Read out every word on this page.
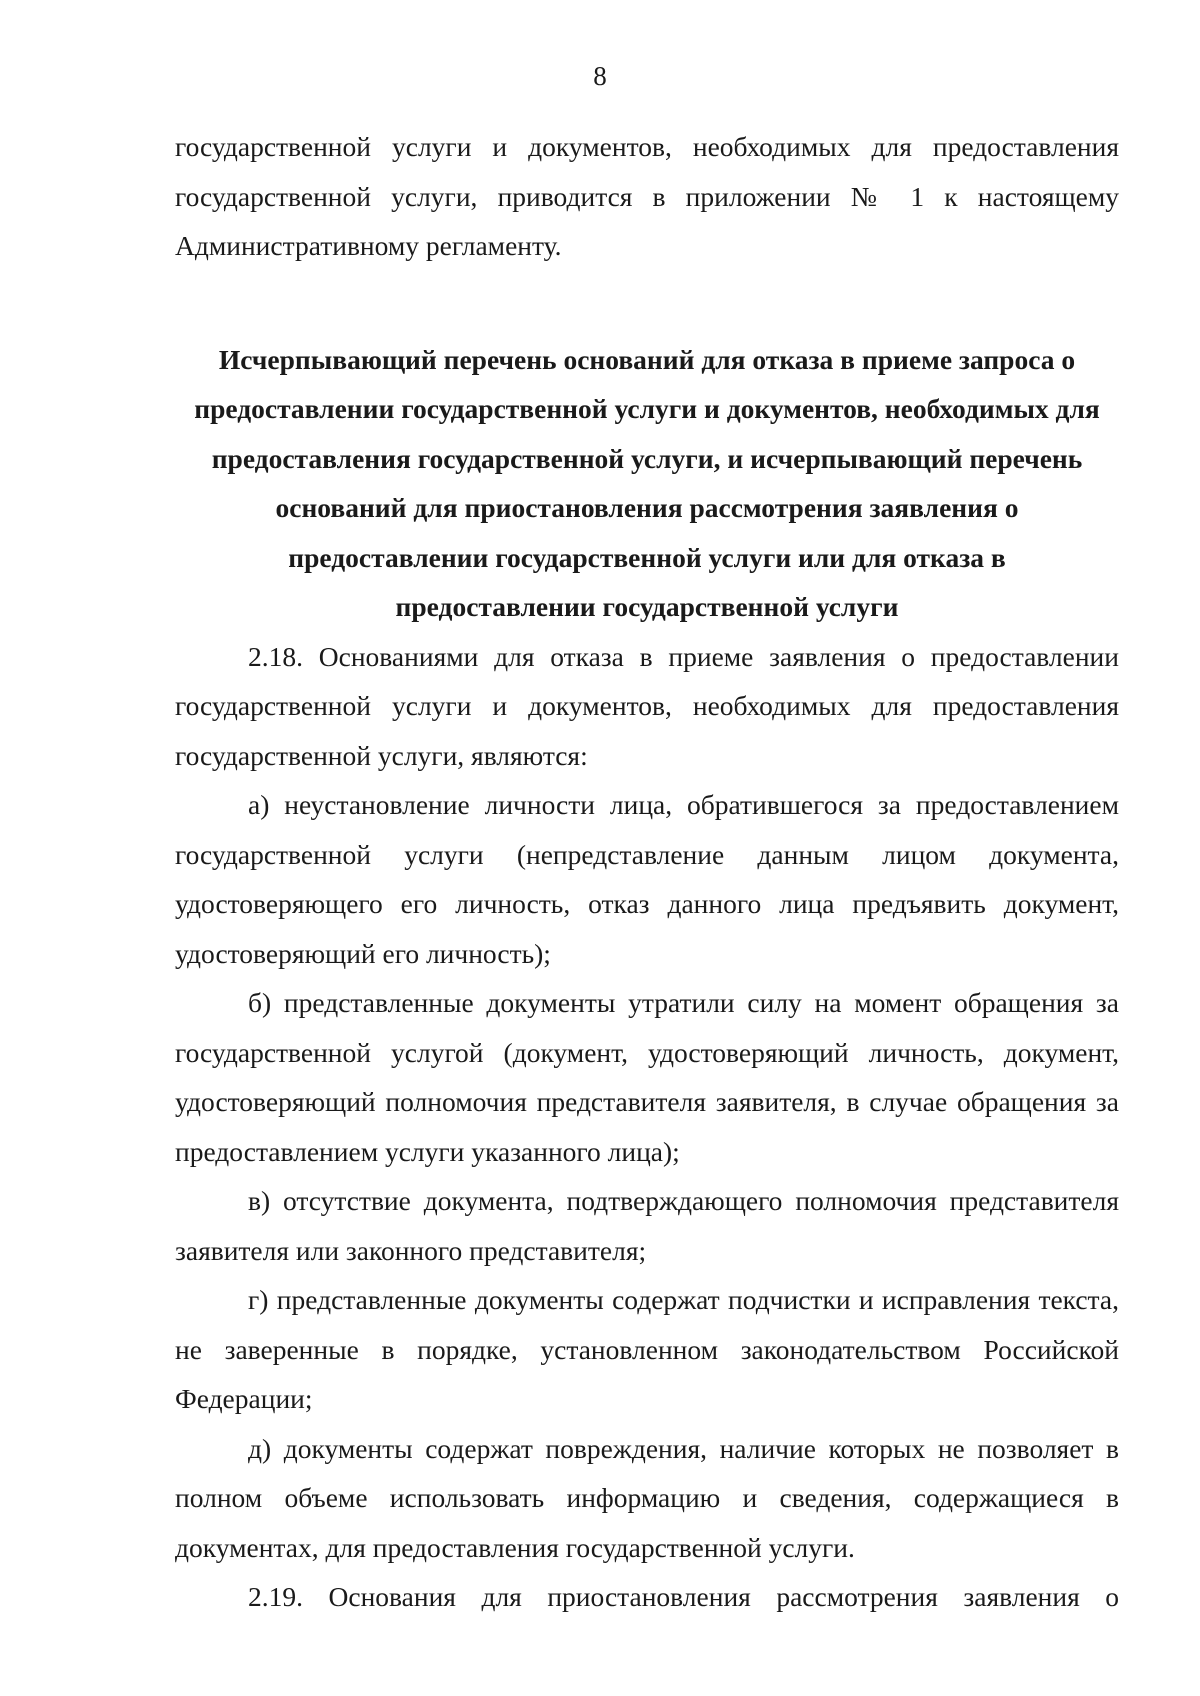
8

государственной услуги и документов, необходимых для предоставления государственной услуги, приводится в приложении № 1 к настоящему Административному регламенту.

Исчерпывающий перечень оснований для отказа в приеме запроса о
предоставлении государственной услуги и документов, необходимых для
предоставления государственной услуги, и исчерпывающий перечень
оснований для приостановления рассмотрения заявления о
предоставлении государственной услуги или для отказа в
предоставлении государственной услуги

2.18. Основаниями для отказа в приеме заявления о предоставлении государственной услуги и документов, необходимых для предоставления государственной услуги, являются:

а) неустановление личности лица, обратившегося за предоставлением государственной услуги (непредставление данным лицом документа, удостоверяющего его личность, отказ данного лица предъявить документ, удостоверяющий его личность);

б) представленные документы утратили силу на момент обращения за государственной услугой (документ, удостоверяющий личность, документ, удостоверяющий полномочия представителя заявителя, в случае обращения за предоставлением услуги указанного лица);

в) отсутствие документа, подтверждающего полномочия представителя заявителя или законного представителя;

г) представленные документы содержат подчистки и исправления текста, не заверенные в порядке, установленном законодательством Российской Федерации;

д) документы содержат повреждения, наличие которых не позволяет в полном объеме использовать информацию и сведения, содержащиеся в документах, для предоставления государственной услуги.

2.19. Основания для приостановления рассмотрения заявления о
